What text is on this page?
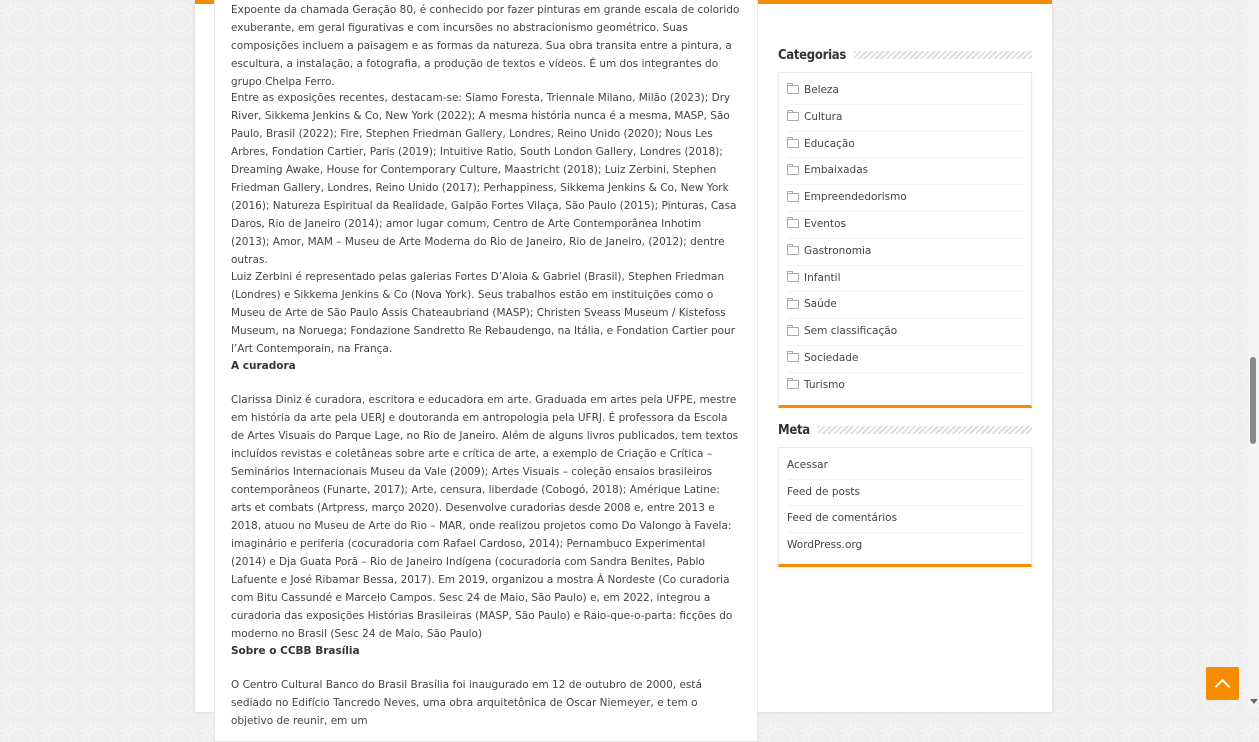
Expoente da chamada Geração 80, é conhecido por fazer pinturas em grande escala de colorido exuberante, em geral figurativas e com incursões no abstracionismo geométrico. Suas composições incluem a paisagem e as formas da natureza. Sua obra transita entre a pintura, a escultura, a instalação, a fotografia, a produção de textos e vídeos. É um dos integrantes do grupo Chelpa Ferro.

Entre as exposições recentes, destacam-se: Siamo Foresta, Triennale Milano, Milão (2023); Dry River, Sikkema Jenkins & Co, New York (2022); A mesma história nunca é a mesma, MASP, São Paulo, Brasil (2022); Fire, Stephen Friedman Gallery, Londres, Reino Unido (2020); Nous Les Arbres, Fondation Cartier, Paris (2019); Intuitive Ratio, South London Gallery, Londres (2018); Dreaming Awake, House for Contemporary Culture, Maastricht (2018); Luiz Zerbini, Stephen Friedman Gallery, Londres, Reino Unido (2017); Perhappiness, Sikkema Jenkins & Co, New York (2016); Natureza Espiritual da Realidade, Galpão Fortes Vilaça, São Paulo (2015); Pinturas, Casa Daros, Rio de Janeiro (2014); amor lugar comum, Centro de Arte Contemporânea Inhotim (2013); Amor, MAM – Museu de Arte Moderna do Rio de Janeiro, Rio de Janeiro, (2012); dentre outras.

Luiz Zerbini é representado pelas galerias Fortes D’Aloia & Gabriel (Brasil), Stephen Friedman (Londres) e Sikkema Jenkins & Co (Nova York). Seus trabalhos estão em instituições como o Museu de Arte de São Paulo Assis Chateaubriand (MASP); Christen Sveass Museum / Kistefoss Museum, na Noruega; Fondazione Sandretto Re Rebaudengo, na Itália, e Fondation Cartier pour l’Art Contemporain, na França.

A curadora

Clarissa Diniz é curadora, escritora e educadora em arte. Graduada em artes pela UFPE, mestre em história da arte pela UERJ e doutoranda em antropologia pela UFRJ. É professora da Escola de Artes Visuais do Parque Lage, no Rio de Janeiro. Além de alguns livros publicados, tem textos incluídos revistas e coletâneas sobre arte e crítica de arte, a exemplo de Criação e Crítica – Seminários Internacionais Museu da Vale (2009); Artes Visuais – coleção ensaios brasileiros contemporâneos (Funarte, 2017); Arte, censura, liberdade (Cobogó, 2018); Amérique Latine: arts et combats (Artpress, março 2020). Desenvolve curadorias desde 2008 e, entre 2013 e 2018, atuou no Museu de Arte do Rio – MAR, onde realizou projetos como Do Valongo à Favela: imaginário e periferia (cocuradoria com Rafael Cardoso, 2014); Pernambuco Experimental (2014) e Dja Guata Porã – Rio de Janeiro Indígena (cocuradoria com Sandra Benites, Pablo Lafuente e José Ribamar Bessa, 2017). Em 2019, organizou a mostra À Nordeste (Co curadoria com Bitu Cassundé e Marcelo Campos. Sesc 24 de Maio, São Paulo) e, em 2022, integrou a curadoria das exposições Histórias Brasileiras (MASP, São Paulo) e Raio-que-o-parta: ficções do moderno no Brasil (Sesc 24 de Maio, São Paulo)

Sobre o CCBB Brasília

O Centro Cultural Banco do Brasil Brasília foi inaugurado em 12 de outubro de 2000, está sediado no Edifício Tancredo Neves, uma obra arquitetônica de Oscar Niemeyer, e tem o objetivo de reunir, em um

Categorias
Beleza
Cultura
Educação
Embaixadas
Empreendedorismo
Eventos
Gastronomia
Infantil
Saúde
Sem classificação
Sociedade
Turismo
Meta
Acessar
Feed de posts
Feed de comentários
WordPress.org
